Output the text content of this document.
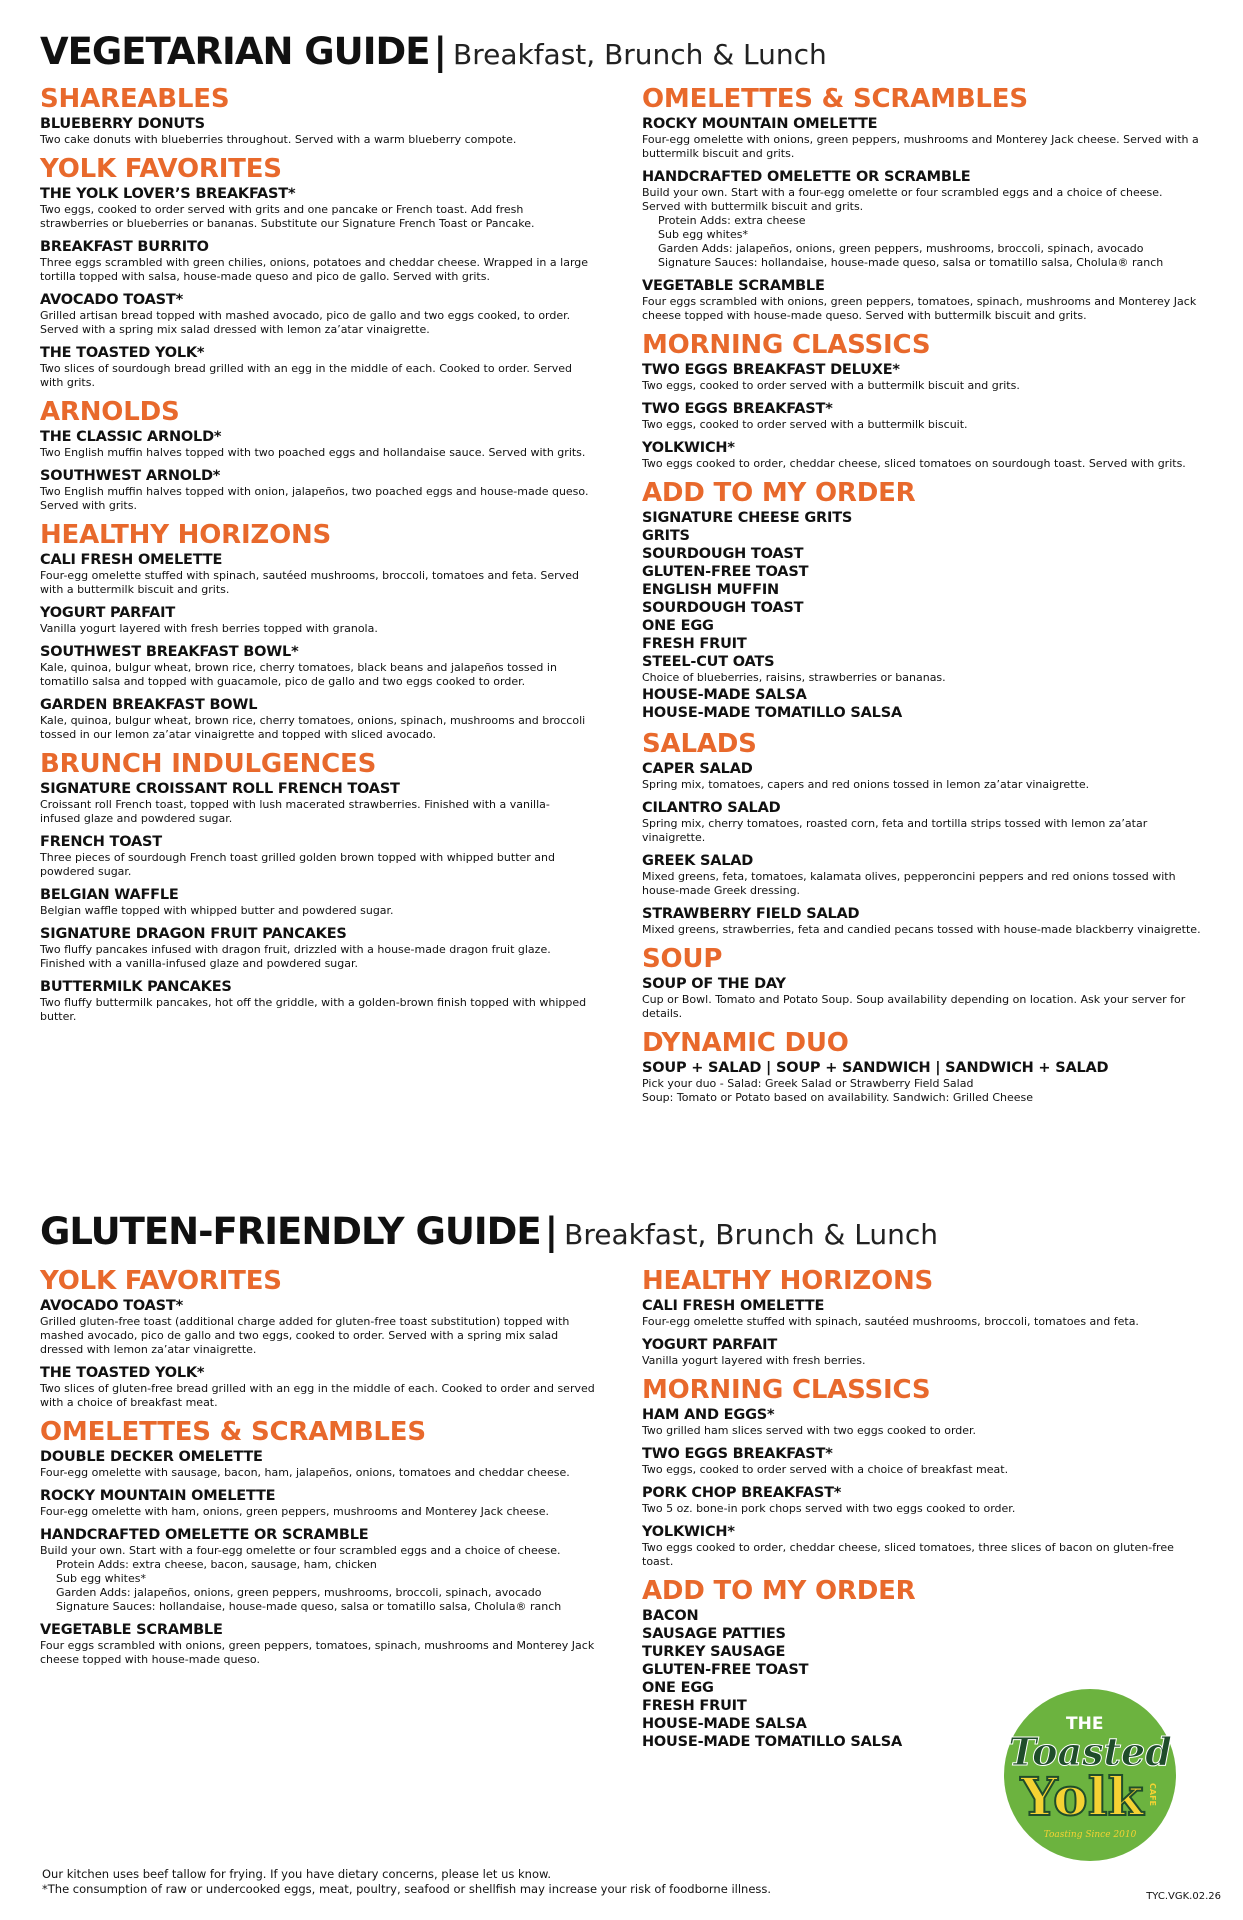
VEGETARIAN GUIDE | Breakfast, Brunch & Lunch
SHAREABLES
BLUEBERRY DONUTS
Two cake donuts with blueberries throughout. Served with a warm blueberry compote.
YOLK FAVORITES
THE YOLK LOVER’S BREAKFAST*
Two eggs, cooked to order served with grits and one pancake or French toast. Add fresh strawberries or blueberries or bananas. Substitute our Signature French Toast or Pancake.
BREAKFAST BURRITO
Three eggs scrambled with green chilies, onions, potatoes and cheddar cheese. Wrapped in a large tortilla topped with salsa, house-made queso and pico de gallo. Served with grits.
AVOCADO TOAST*
Grilled artisan bread topped with mashed avocado, pico de gallo and two eggs cooked, to order. Served with a spring mix salad dressed with lemon za’atar vinaigrette.
THE TOASTED YOLK*
Two slices of sourdough bread grilled with an egg in the middle of each. Cooked to order. Served with grits.
ARNOLDS
THE CLASSIC ARNOLD*
Two English muffin halves topped with two poached eggs and hollandaise sauce. Served with grits.
SOUTHWEST ARNOLD*
Two English muffin halves topped with onion, jalapeños, two poached eggs and house-made queso. Served with grits.
HEALTHY HORIZONS
CALI FRESH OMELETTE
Four-egg omelette stuffed with spinach, sautéed mushrooms, broccoli, tomatoes and feta. Served with a buttermilk biscuit and grits.
YOGURT PARFAIT
Vanilla yogurt layered with fresh berries topped with granola.
SOUTHWEST BREAKFAST BOWL*
Kale, quinoa, bulgur wheat, brown rice, cherry tomatoes, black beans and jalapeños tossed in tomatillo salsa and topped with guacamole, pico de gallo and two eggs cooked to order.
GARDEN BREAKFAST BOWL
Kale, quinoa, bulgur wheat, brown rice, cherry tomatoes, onions, spinach, mushrooms and broccoli tossed in our lemon za’atar vinaigrette and topped with sliced avocado.
BRUNCH INDULGENCES
SIGNATURE CROISSANT ROLL FRENCH TOAST
Croissant roll French toast, topped with lush macerated strawberries. Finished with a vanilla-infused glaze and powdered sugar.
FRENCH TOAST
Three pieces of sourdough French toast grilled golden brown topped with whipped butter and powdered sugar.
BELGIAN WAFFLE
Belgian waffle topped with whipped butter and powdered sugar.
SIGNATURE DRAGON FRUIT PANCAKES
Two fluffy pancakes infused with dragon fruit, drizzled with a house-made dragon fruit glaze. Finished with a vanilla-infused glaze and powdered sugar.
BUTTERMILK PANCAKES
Two fluffy buttermilk pancakes, hot off the griddle, with a golden-brown finish topped with whipped butter.
OMELETTES & SCRAMBLES
ROCKY MOUNTAIN OMELETTE
Four-egg omelette with onions, green peppers, mushrooms and Monterey Jack cheese. Served with a buttermilk biscuit and grits.
HANDCRAFTED OMELETTE OR SCRAMBLE
Build your own. Start with a four-egg omelette or four scrambled eggs and a choice of cheese. Served with buttermilk biscuit and grits.
Protein Adds: extra cheese
Sub egg whites*
Garden Adds: jalapeños, onions, green peppers, mushrooms, broccoli, spinach, avocado
Signature Sauces: hollandaise, house-made queso, salsa or tomatillo salsa, Cholula® ranch
VEGETABLE SCRAMBLE
Four eggs scrambled with onions, green peppers, tomatoes, spinach, mushrooms and Monterey Jack cheese topped with house-made queso. Served with buttermilk biscuit and grits.
MORNING CLASSICS
TWO EGGS BREAKFAST DELUXE*
Two eggs, cooked to order served with a buttermilk biscuit and grits.
TWO EGGS BREAKFAST*
Two eggs, cooked to order served with a buttermilk biscuit.
YOLKWICH*
Two eggs cooked to order, cheddar cheese, sliced tomatoes on sourdough toast. Served with grits.
ADD TO MY ORDER
SIGNATURE CHEESE GRITS
GRITS
SOURDOUGH TOAST
GLUTEN-FREE TOAST
ENGLISH MUFFIN
SOURDOUGH TOAST
ONE EGG
FRESH FRUIT
STEEL-CUT OATS
Choice of blueberries, raisins, strawberries or bananas.
HOUSE-MADE SALSA
HOUSE-MADE TOMATILLO SALSA
SALADS
CAPER SALAD
Spring mix, tomatoes, capers and red onions tossed in lemon za’atar vinaigrette.
CILANTRO SALAD
Spring mix, cherry tomatoes, roasted corn, feta and tortilla strips tossed with lemon za’atar vinaigrette.
GREEK SALAD
Mixed greens, feta, tomatoes, kalamata olives, pepperoncini peppers and red onions tossed with house-made Greek dressing.
STRAWBERRY FIELD SALAD
Mixed greens, strawberries, feta and candied pecans tossed with house-made blackberry vinaigrette.
SOUP
SOUP OF THE DAY
Cup or Bowl. Tomato and Potato Soup. Soup availability depending on location. Ask your server for details.
DYNAMIC DUO
SOUP + SALAD | SOUP + SANDWICH | SANDWICH + SALAD
Pick your duo - Salad: Greek Salad or Strawberry Field Salad
Soup: Tomato or Potato based on availability. Sandwich: Grilled Cheese
GLUTEN-FRIENDLY GUIDE | Breakfast, Brunch & Lunch
YOLK FAVORITES
AVOCADO TOAST*
Grilled gluten-free toast (additional charge added for gluten-free toast substitution) topped with mashed avocado, pico de gallo and two eggs, cooked to order. Served with a spring mix salad dressed with lemon za’atar vinaigrette.
THE TOASTED YOLK*
Two slices of gluten-free bread grilled with an egg in the middle of each. Cooked to order and served with a choice of breakfast meat.
OMELETTES & SCRAMBLES
DOUBLE DECKER OMELETTE
Four-egg omelette with sausage, bacon, ham, jalapeños, onions, tomatoes and cheddar cheese.
ROCKY MOUNTAIN OMELETTE
Four-egg omelette with ham, onions, green peppers, mushrooms and Monterey Jack cheese.
HANDCRAFTED OMELETTE OR SCRAMBLE
Build your own. Start with a four-egg omelette or four scrambled eggs and a choice of cheese.
Protein Adds: extra cheese, bacon, sausage, ham, chicken
Sub egg whites*
Garden Adds: jalapeños, onions, green peppers, mushrooms, broccoli, spinach, avocado
Signature Sauces: hollandaise, house-made queso, salsa or tomatillo salsa, Cholula® ranch
VEGETABLE SCRAMBLE
Four eggs scrambled with onions, green peppers, tomatoes, spinach, mushrooms and Monterey Jack cheese topped with house-made queso.
HEALTHY HORIZONS
CALI FRESH OMELETTE
Four-egg omelette stuffed with spinach, sautéed mushrooms, broccoli, tomatoes and feta.
YOGURT PARFAIT
Vanilla yogurt layered with fresh berries.
MORNING CLASSICS
HAM AND EGGS*
Two grilled ham slices served with two eggs cooked to order.
TWO EGGS BREAKFAST*
Two eggs, cooked to order served with a choice of breakfast meat.
PORK CHOP BREAKFAST*
Two 5 oz. bone-in pork chops served with two eggs cooked to order.
YOLKWICH*
Two eggs cooked to order, cheddar cheese, sliced tomatoes, three slices of bacon on gluten-free toast.
ADD TO MY ORDER
BACON
SAUSAGE PATTIES
TURKEY SAUSAGE
GLUTEN-FREE TOAST
ONE EGG
FRESH FRUIT
HOUSE-MADE SALSA
HOUSE-MADE TOMATILLO SALSA
THE
Toasted
Yolk CAFE
Toasting Since 2010
Our kitchen uses beef tallow for frying. If you have dietary concerns, please let us know.
*The consumption of raw or undercooked eggs, meat, poultry, seafood or shellfish may increase your risk of foodborne illness.
TYC.VGK.02.26
